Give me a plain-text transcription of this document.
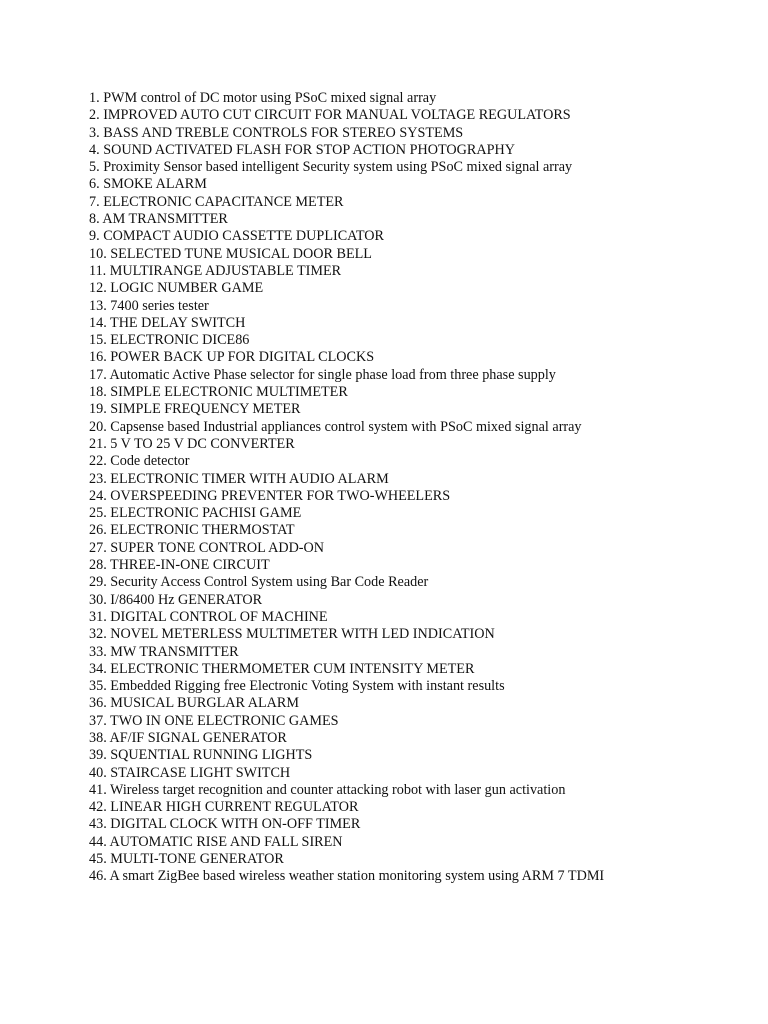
1. PWM control of DC motor using PSoC mixed signal array
2. IMPROVED AUTO CUT CIRCUIT FOR MANUAL VOLTAGE REGULATORS
3. BASS AND TREBLE CONTROLS FOR STEREO SYSTEMS
4. SOUND ACTIVATED FLASH FOR STOP ACTION PHOTOGRAPHY
5. Proximity Sensor based intelligent Security system using PSoC mixed signal array
6. SMOKE ALARM
7. ELECTRONIC CAPACITANCE METER
8. AM TRANSMITTER
9. COMPACT AUDIO CASSETTE DUPLICATOR
10. SELECTED TUNE MUSICAL DOOR BELL
11. MULTIRANGE ADJUSTABLE TIMER
12. LOGIC NUMBER GAME
13. 7400 series tester
14. THE DELAY SWITCH
15. ELECTRONIC DICE86
16. POWER BACK UP FOR DIGITAL CLOCKS
17. Automatic Active Phase selector for single phase load from three phase supply
18. SIMPLE ELECTRONIC MULTIMETER
19. SIMPLE FREQUENCY METER
20. Capsense based Industrial appliances control system with PSoC mixed signal array
21. 5 V TO 25 V DC CONVERTER
22. Code detector
23. ELECTRONIC TIMER WITH AUDIO ALARM
24. OVERSPEEDING PREVENTER FOR TWO-WHEELERS
25. ELECTRONIC PACHISI GAME
26. ELECTRONIC THERMOSTAT
27. SUPER TONE CONTROL ADD-ON
28. THREE-IN-ONE CIRCUIT
29. Security Access Control System using Bar Code Reader
30. I/86400 Hz GENERATOR
31. DIGITAL CONTROL OF MACHINE
32. NOVEL METERLESS MULTIMETER WITH LED INDICATION
33. MW TRANSMITTER
34. ELECTRONIC THERMOMETER CUM INTENSITY METER
35. Embedded Rigging free Electronic Voting System with instant results
36. MUSICAL BURGLAR ALARM
37. TWO IN ONE ELECTRONIC GAMES
38. AF/IF SIGNAL GENERATOR
39. SQUENTIAL RUNNING LIGHTS
40. STAIRCASE LIGHT SWITCH
41. Wireless target recognition and counter attacking robot with laser gun activation
42. LINEAR HIGH CURRENT REGULATOR
43. DIGITAL CLOCK WITH ON-OFF TIMER
44. AUTOMATIC RISE AND FALL SIREN
45. MULTI-TONE GENERATOR
46. A smart ZigBee based wireless weather station monitoring system using ARM 7 TDMI
